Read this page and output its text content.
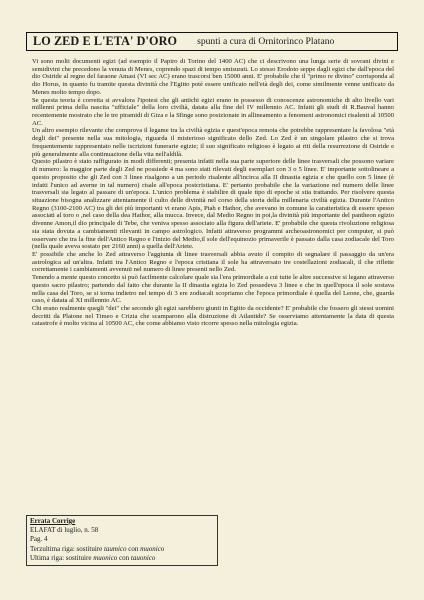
LO ZED E L'ETA' D'ORO spunti a cura di Ornitorinco Platano

Vi sono molti documenti egizi (ad esempio il Papiro di Torino del 1400 AC) che ci descrivono una lunga serie di sovrani divini e semidivini che precedono la venuta di Menes, coprendo spazi di tempo smisurati. Lo stesso Erodoto seppe dagli egizi che dall'epoca del dio Osiride al regno del faraone Amasi (VI sec AC) erano trascorsi ben 15000 anni. E' probabile che il "primo re divino" corrisponda al dio Horus, in quanto fu tramite questa divinità che l'Egitto poté essere unificato nell'età degli dei, come similmente venne unificato da Menes molto tempo dopo.

Se questa teoria è corretta si avvalora l'ipotesi che gli antichi egizi erano in possesso di conoscenze astronomiche di alto livello vari millenni prima della nascita "ufficiale" della loro civiltà, datata alla fine del IV millennio AC. Infatti gli studi di R.Bauval hanno recentemente mostrato che le tre piramidi di Giza e la Sfinge sono posizionate in allineamento a fenomeni astronomici risalenti al 10500 AC.

Un altro esempio rilevante che comprova il legame tra la civiltà egizia e quest'epoca remota che potrebbe rappresentare la favolosa "età degli dei" presente nella sua mitologia, riguarda il misterioso significato dello Zed. Lo Zed è un singolare pilastro che si trova frequentemente rappresentato nelle iscrizioni funerarie egizie; il suo significato religioso è legato ai riti della resurrezione di Osiride e più generalmente alla continuazione della vita nell'aldilà.

Questo pilastro è stato raffigurato in modi differenti; presenta infatti nella sua parte superiore delle linee trasversali che possono variare di numero: la maggior parte degli Zed ne possiede 4 ma sono stati rilevati degli esemplari con 3 o 5 linee. E' importante sottolineare a questo proposito che gli Zed con 3 linee risalgono a un periodo risalente all'incirca alla II dinastia egizia e che quello con 5 linee (è infatti l'unico ad averne in tal numero) risale all'epoca postcristiana. E' pertanto probabile che la variazione nel numero delle linee trasversali sia legato al passare di un'epoca. L'unico problema è stabilire di quale tipo di epoche si stia trattando. Per risolvere questa situazione bisogna analizzare attentamente il culto delle divinità nel corso della storia della millenaria civiltà egizia. Durante l'Antico Regno (3100-2100 AC) tra gli dei più importanti vi erano Apis, Ptah e Hathor, che avevano in comune la caratteristica di essere spesso associati al toro o ,nel caso della dea Hathor, alla mucca. Invece, dal Medio Regno in poi,la divinità più importante del pantheon egizio divenne Amon,il dio principale di Tebe, che veniva spesso associato alla figura dell'ariete. E' probabile che questa rivoluzione religiosa sia stata dovuta a cambiamenti rilevanti in campo astrologico. Infatti attraverso programmi archeoastronomici per computer, si può osservare che tra la fine dell'Antico Regno e l'inizio del Medio,il sole dell'equinozio primaverile è passato dalla casa zodiacale del Toro (nella quale aveva sostato per 2160 anni) a quella dell'Ariete.

E' possibile che anche lo Zed attraverso l'aggiunta di linee trasversali abbia avuto il compito di segnalare il passaggio da un'era astrologica ad un'altra. Infatti tra l'Antico Regno e l'epoca cristiana il sole ha attraversato tre costellazioni zodiacali, il che riflette correttamente i cambiamenti avvenuti nel numero di linee presenti nello Zed.

Tenendo a mente questo concetto si può facilmente calcolare quale sia l'era primordiale a cui tutte le altre successive si legano attraverso questo sacro pilastro; partendo dal fatto che durante la II dinastia egizia lo Zed possedeva 3 linee e che in quell'epoca il sole sostava nella casa del Toro, se si torna indietro nel tempo di 3 ere zodiacali scopriamo che l'epoca primordiale è quella del Leone, che, guarda caso, è datata al XI millennio AC.

Chi erano realmente quegli "dei" che secondo gli egizi sarebbero giunti in Egitto da occidente? E' probabile che fossero gli stessi uomini decritti da Platone nel Timeo e Crizia che scamparono alla distruzione di Atlantide? Se osserviamo attentamente la data di questa catastrofe è molto vicina al 10500 AC, che come abbiamo visto ricorre spesso nella mitologia egizia.

Errata Corrige
ELAFAT di luglio, n. 58
Pag. 4
Terzultima riga: sostituire taumico con muonico
Ultima riga: sostituire muonico con tauonico
